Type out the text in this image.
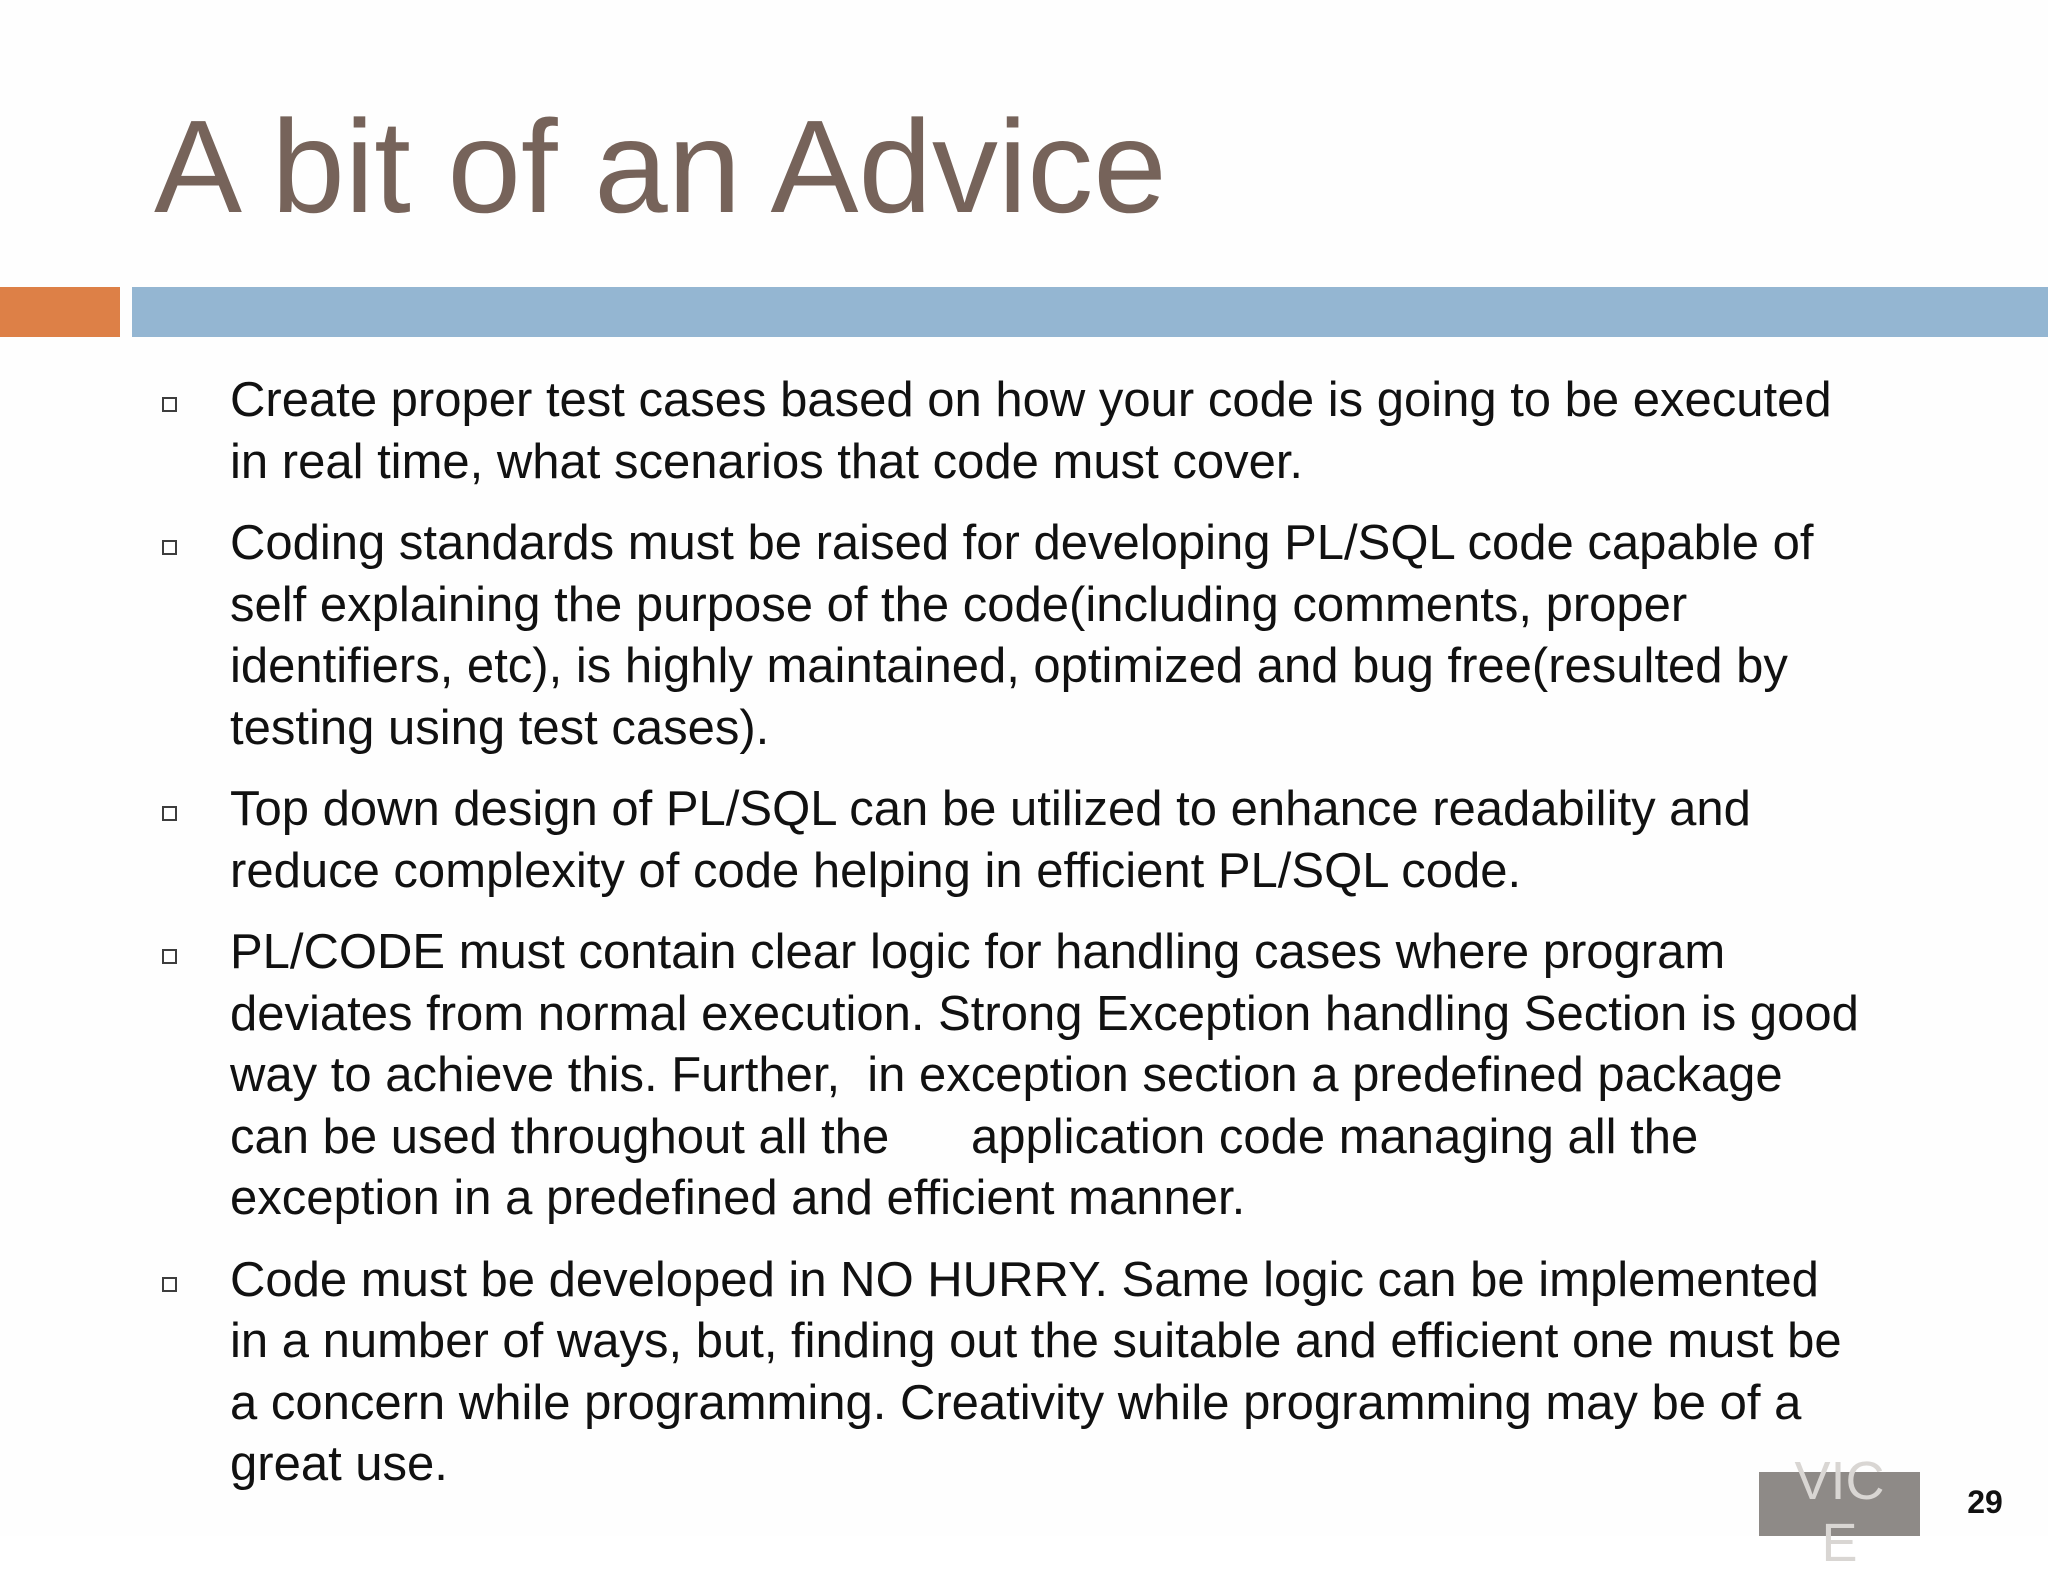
A bit of an Advice
Create proper test cases based on how your code is going to be executed
in real time, what scenarios that code must cover.
Coding standards must be raised for developing PL/SQL code capable of
self explaining the purpose of the code(including comments, proper
identifiers, etc), is highly maintained, optimized and bug free(resulted by
testing using test cases).
Top down design of PL/SQL can be utilized to enhance readability and
reduce complexity of code helping in efficient PL/SQL code.
PL/CODE must contain clear logic for handling cases where program
deviates from normal execution. Strong Exception handling Section is good
way to achieve this. Further,  in exception section a predefined package
can be used throughout all the      application code managing all the
exception in a predefined and efficient manner.
Code must be developed in NO HURRY. Same logic can be implemented
in a number of ways, but, finding out the suitable and efficient one must be
a concern while programming. Creativity while programming may be of a
great use.	VIC
E
29
